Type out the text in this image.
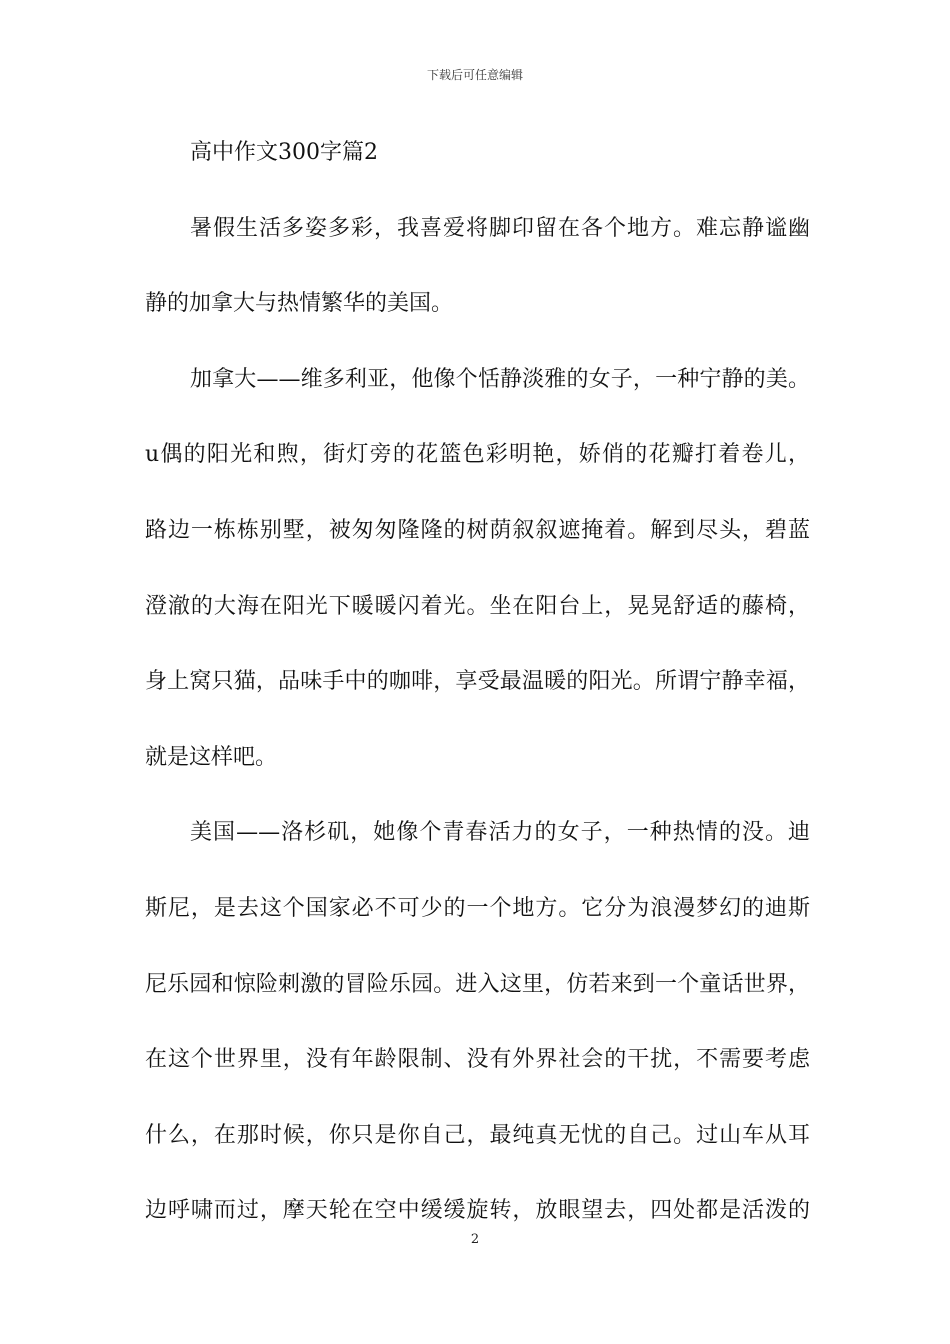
下载后可任意编辑
高中作文300字篇2
暑假生活多姿多彩，我喜爱将脚印留在各个地方。难忘静谧幽
静的加拿大与热情繁华的美国。
加拿大——维多利亚，他像个恬静淡雅的女子，一种宁静的美。
u偶的阳光和煦，街灯旁的花篮色彩明艳，娇俏的花瓣打着卷儿，
路边一栋栋别墅，被匆匆隆隆的树荫叙叙遮掩着。解到尽头，碧蓝
澄澈的大海在阳光下暖暖闪着光。坐在阳台上，晃晃舒适的藤椅，
身上窝只猫，品味手中的咖啡，享受最温暖的阳光。所谓宁静幸福，
就是这样吧。
美国——洛杉矶，她像个青春活力的女子，一种热情的没。迪
斯尼，是去这个国家必不可少的一个地方。它分为浪漫梦幻的迪斯
尼乐园和惊险刺激的冒险乐园。进入这里，仿若来到一个童话世界，
在这个世界里，没有年龄限制、没有外界社会的干扰，不需要考虑
什么，在那时候，你只是你自己，最纯真无忧的自己。过山车从耳
边呼啸而过，摩天轮在空中缓缓旋转，放眼望去，四处都是活泼的
2
